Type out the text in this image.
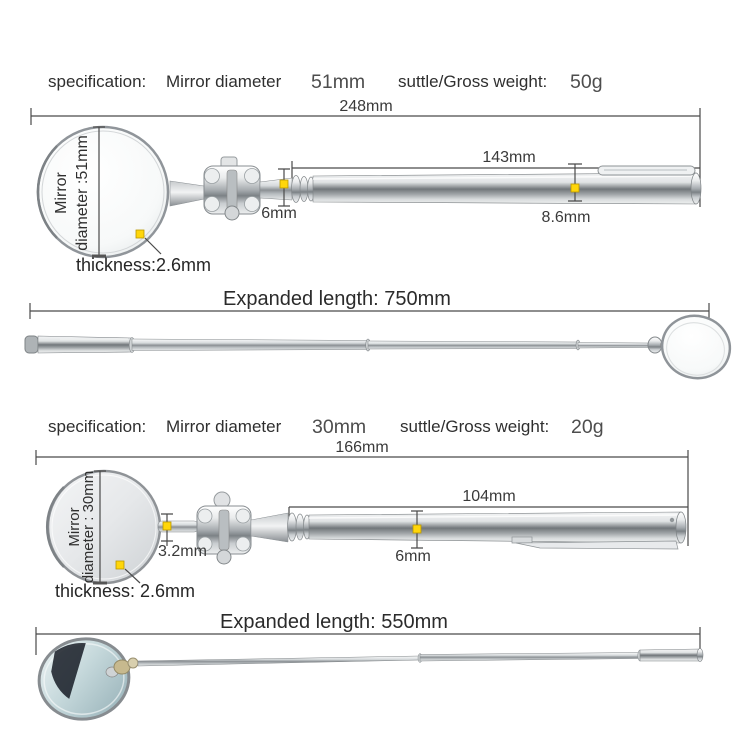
specification: Mirror diameter 51mm suttle/Gross weight: 50g
248mm
143mm
Mirror diameter :51mm	6mm	8.6mm
thickness:2.6mm
Expanded length: 750mm
specification: Mirror diameter 30mm suttle/Gross weight: 20g
166mm
104mm
Mirror
diameter : 30mm	3.2mm	6mm
thickness: 2.6mm
Expanded length: 550mm
